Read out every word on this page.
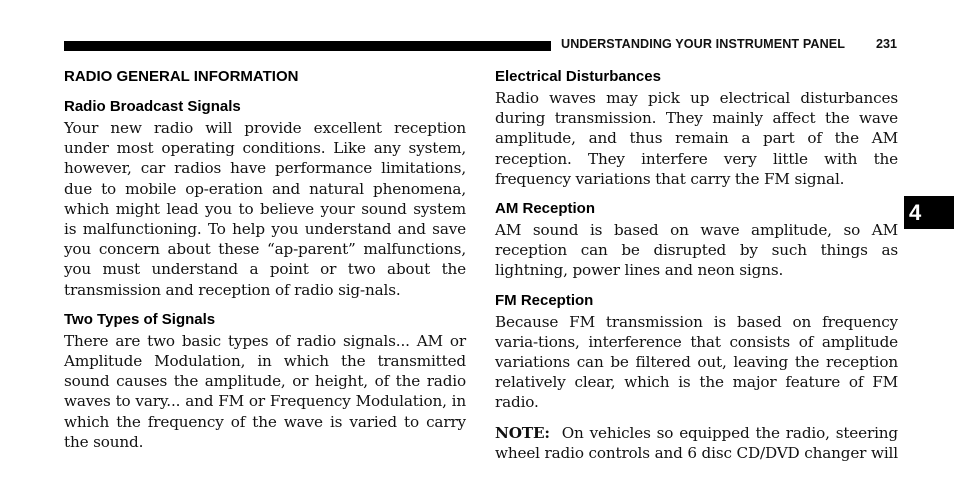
UNDERSTANDING YOUR INSTRUMENT PANEL 231
4
RADIO GENERAL INFORMATION
Radio Broadcast Signals

Your new radio will provide excellent reception under most operating conditions. Like any system, however, car radios have performance limitations, due to mobile op-eration and natural phenomena, which might lead you to believe your sound system is malfunctioning. To help you understand and save you concern about these “ap-parent” malfunctions, you must understand a point or two about the transmission and reception of radio sig-nals.

Two Types of Signals

There are two basic types of radio signals... AM or Amplitude Modulation, in which the transmitted sound causes the amplitude, or height, of the radio waves to vary... and FM or Frequency Modulation, in which the frequency of the wave is varied to carry the sound.

Electrical Disturbances

Radio waves may pick up electrical disturbances during transmission. They mainly affect the wave amplitude, and thus remain a part of the AM reception. They interfere very little with the frequency variations that carry the FM signal.

AM Reception

AM sound is based on wave amplitude, so AM reception can be disrupted by such things as lightning, power lines and neon signs.

FM Reception

Because FM transmission is based on frequency varia-tions, interference that consists of amplitude variations can be filtered out, leaving the reception relatively clear, which is the major feature of FM radio.

NOTE: On vehicles so equipped the radio, steering wheel radio controls and 6 disc CD/DVD changer will
